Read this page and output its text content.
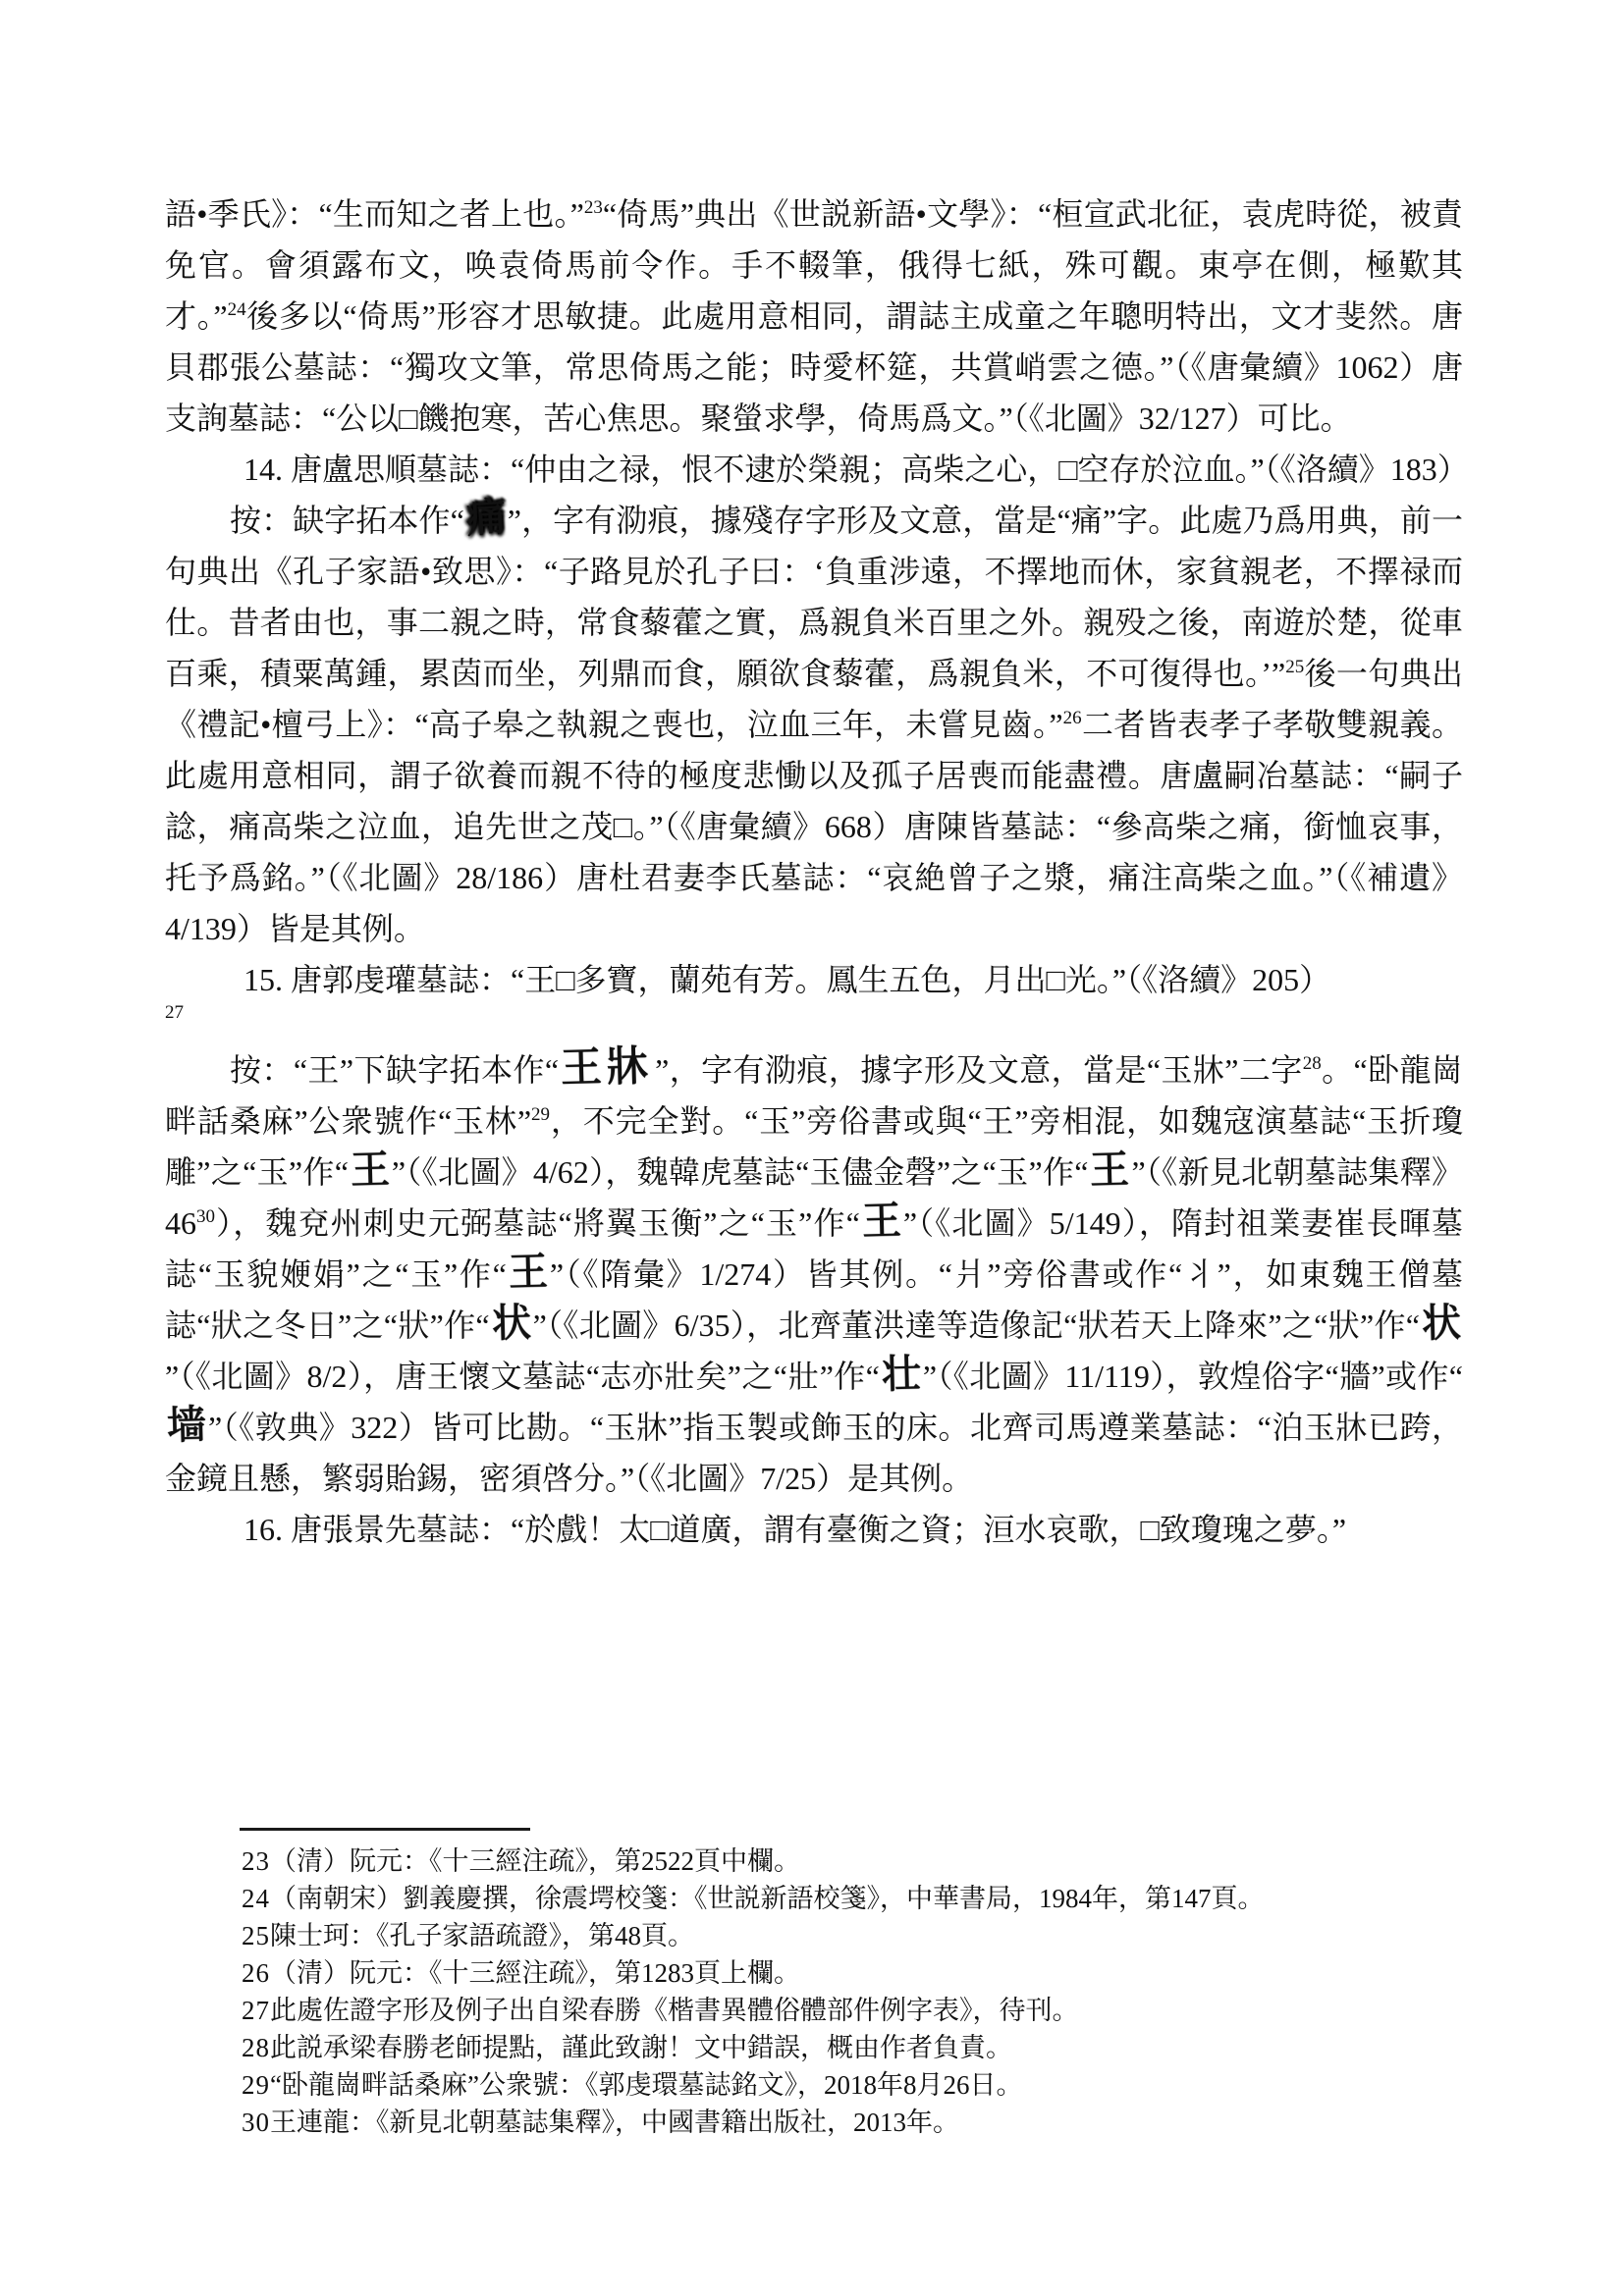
語•季氏》：“生而知之者上也。”$^{23}$“倚馬”典出《世説新語•文學》：“桓宣武北征，袁虎時從，被責免官。會須露布文，唤袁倚馬前令作。手不輟筆，俄得七紙，殊可觀。東亭在側，極歎其才。”$^{24}$後多以“倚馬”形容才思敏捷。此處用意相同，謂誌主成童之年聰明特出，文才斐然。唐貝郡張公墓誌：“獨攻文筆，常思倚馬之能；時愛杯筵，共賞峭雲之德。”（《唐彙續》1062）唐支詢墓誌：“公以□饑抱寒，苦心焦思。聚螢求學，倚馬爲文。”（《北圖》32/127）可比。

14. 唐盧思順墓誌：“仲由之禄，恨不逮於榮親；高柴之心，□空存於泣血。”（《洛續》183）

按：缺字拓本作“痛”，字有泐痕，據殘存字形及文意，當是“痛”字。此處乃爲用典，前一句典出《孔子家語•致思》：“子路見於孔子曰：‘負重涉遠，不擇地而休，家貧親老，不擇禄而仕。昔者由也，事二親之時，常食藜藿之實，爲親負米百里之外。親殁之後，南遊於楚，從車百乘，積粟萬鍾，累茵而坐，列鼎而食，願欲食藜藿，爲親負米，不可復得也。’”$^{25}$後一句典出《禮記•檀弓上》：“高子皋之執親之喪也，泣血三年，未嘗見齒。”$^{26}$二者皆表孝子孝敬雙親義。此處用意相同，謂子欲養而親不待的極度悲慟以及孤子居喪而能盡禮。唐盧嗣冶墓誌：“嗣子諗，痛高柴之泣血，追先世之茂□。”（《唐彙續》668）唐陳皆墓誌：“參高柴之痛，銜恤哀事，托予爲銘。”（《北圖》28/186）唐杜君妻李氏墓誌：“哀絶曾子之漿，痛注高柴之血。”（《補遺》4/139）皆是其例。

15. 唐郭虔瓘墓誌：“王□多寶，蘭苑有芳。鳳生五色，月出□光。”（《洛續》205）

$^{27}$

按：“王”下缺字拓本作“王牀”，字有泐痕，據字形及文意，當是“玉牀”二字$^{28}$。“卧龍崗畔話桑麻”公衆號作“玉林”$^{29}$，不完全對。“玉”旁俗書或與“王”旁相混，如魏寇演墓誌“玉折瓊雕”之“玉”作“王”（《北圖》4/62），魏韓虎墓誌“玉儘金磬”之“玉”作“王”（《新見北朝墓誌集釋》46$^{30}$），魏兗州刺史元弼墓誌“將翼玉衡”之“玉”作“王”（《北圖》5/149），隋封祖業妻崔長暉墓誌“玉貌㛹娟”之“玉”作“王”（《隋彙》1/274）皆其例。“爿”旁俗書或作“丬”，如東魏王僧墓誌“狀之冬日”之“狀”作“状”（《北圖》6/35），北齊董洪達等造像記“狀若天上降來”之“狀”作“状”（《北圖》8/2），唐王懷文墓誌“志亦壯矣”之“壯”作“壮”（《北圖》11/119），敦煌俗字“牆”或作“墙”（《敦典》322）皆可比勘。“玉牀”指玉製或飾玉的床。北齊司馬遵業墓誌：“泊玉牀已跨，金鏡且懸，繁弱貽錫，密須啓分。”（《北圖》7/25）是其例。

16. 唐張景先墓誌：“於戲！太□道廣，謂有臺衡之資；洹水哀歌，□致瓊瑰之夢。”

23（清）阮元：《十三經注疏》，第2522頁中欄。
24（南朝宋）劉義慶撰，徐震堮校箋：《世説新語校箋》，中華書局，1984年，第147頁。
25陳士珂：《孔子家語疏證》，第48頁。
26（清）阮元：《十三經注疏》，第1283頁上欄。
27此處佐證字形及例子出自梁春勝《楷書異體俗體部件例字表》，待刊。
28此説承梁春勝老師提點，謹此致謝！文中錯誤，概由作者負責。
29“卧龍崗畔話桑麻”公衆號：《郭虔環墓誌銘文》，2018年8月26日。
30王連龍：《新見北朝墓誌集釋》，中國書籍出版社，2013年。
